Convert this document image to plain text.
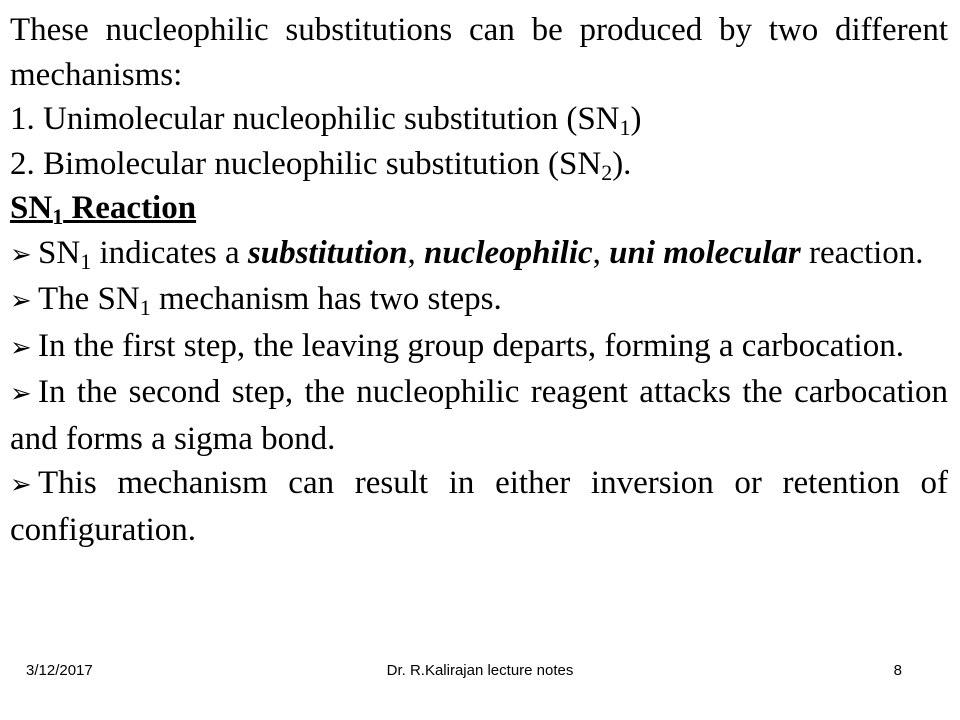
These nucleophilic substitutions can be produced by two different mechanisms:

1. Unimolecular nucleophilic substitution $(SN_1)$

2. Bimolecular nucleophilic substitution $(SN_2)$.

$SN_1$ Reaction

➢ $SN_1$ indicates a substitution, nucleophilic, uni molecular reaction.

➢ The $SN_1$ mechanism has two steps.

➢ In the first step, the leaving group departs, forming a carbocation.

➢ In the second step, the nucleophilic reagent attacks the carbocation and forms a sigma bond.

➢ This mechanism can result in either inversion or retention of configuration.

3/12/2017	Dr. R.Kalirajan lecture notes	8
